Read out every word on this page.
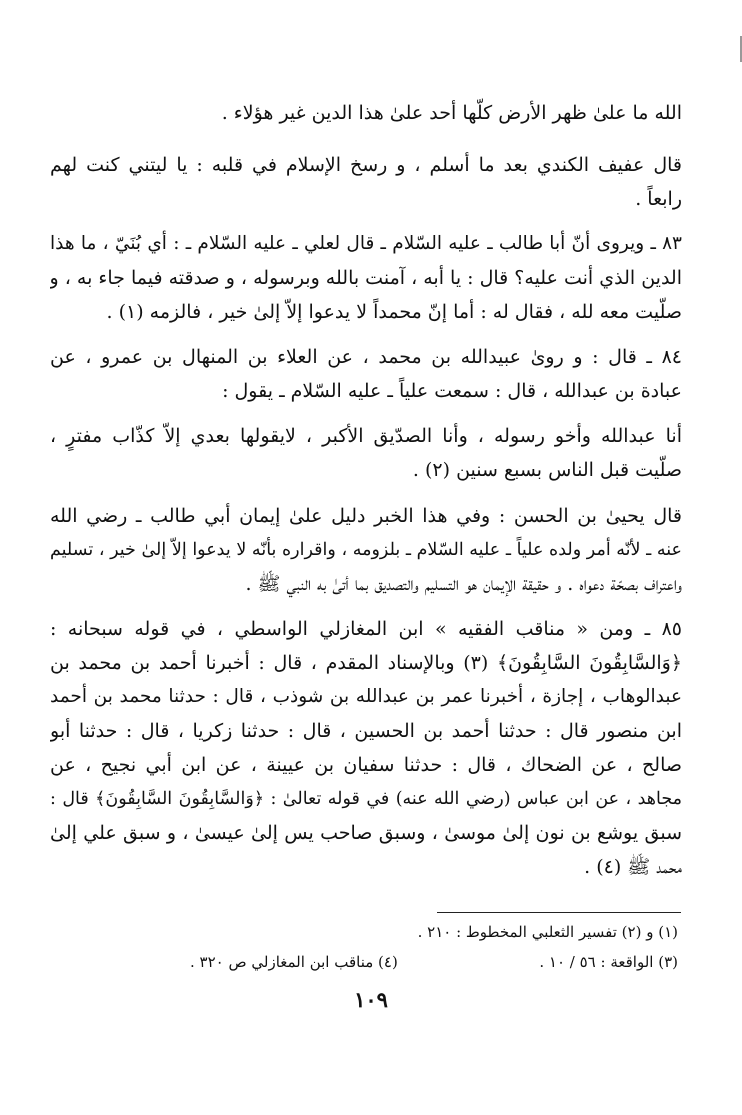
الله ما علىٰ ظهر الأرض كلّها أحد علىٰ هذا الدين غير هؤلاء .

قال عفيف الكندي بعد ما أسلم ، و رسخ الإسلام في قلبه : يا ليتني كنت لهم
رابعاً .

٨٣ ـ ويروى أنّ أبا طالب ـ عليه السّلام ـ قال لعلي ـ عليه السّلام ـ : أي بُنَيّ ، ما هذا
الدين الذي أنت عليه؟ قال : يا أبه ، آمنت بالله وبرسوله ، و صدقته فيما جاء به ، و
صلّيت معه لله ، فقال له : أما إنّ محمداً لا يدعوا إلاّ إلىٰ خير ، فالزمه (١) .

٨٤ ـ قال : و روىٰ عبيدالله بن محمد ، عن العلاء بن المنهال بن عمرو ، عن
عبادة بن عبدالله ، قال : سمعت علياً ـ عليه السّلام ـ يقول :

أنا عبدالله وأخو رسوله ، وأنا الصدّيق الأكبر ، لايقولها بعدي إلاّ كذّاب مفترٍ ،
صلّيت قبل الناس بسبع سنين (٢) .

قال يحيىٰ بن الحسن : وفي هذا الخبر دليل علىٰ إيمان أبي طالب ـ رضي الله
عنه ـ لأنّه أمر ولده علياً ـ عليه السّلام ـ بلزومه ، واقراره بأنّه لا يدعوا إلاّ إلىٰ خير ، تسليم
واعتراف بصحّة دعواه . و حقيقة الإيمان هو التسليم والتصديق بما أتىٰ به النبي ﷺ .

٨٥ ـ ومن « مناقب الفقيه » ابن المغازلي الواسطي ، في قوله سبحانه :
﴿وَالسَّابِقُونَ السَّابِقُونَ﴾ (٣) وبالإسناد المقدم ، قال : أخبرنا أحمد بن محمد بن
عبدالوهاب ، إجازة ، أخبرنا عمر بن عبدالله بن شوذب ، قال : حدثنا محمد بن أحمد
ابن منصور قال : حدثنا أحمد بن الحسين ، قال : حدثنا زكريا ، قال : حدثنا أبو
صالح ، عن الضحاك ، قال : حدثنا سفيان بن عيينة ، عن ابن أبي نجيح ، عن
مجاهد ، عن ابن عباس (رضي الله عنه) في قوله تعالىٰ : ﴿وَالسَّابِقُونَ السَّابِقُونَ﴾ قال :
سبق يوشع بن نون إلىٰ موسىٰ ، وسبق صاحب يس إلىٰ عيسىٰ ، و سبق علي إلىٰ
محمد ﷺ (٤) .

(١) و (٢) تفسير الثعلبي المخطوط : ٢١٠ .
(٣) الواقعة : ٥٦ / ١٠ .
(٤) مناقب ابن المغازلي ص ٣٢٠ .
١٠٩
